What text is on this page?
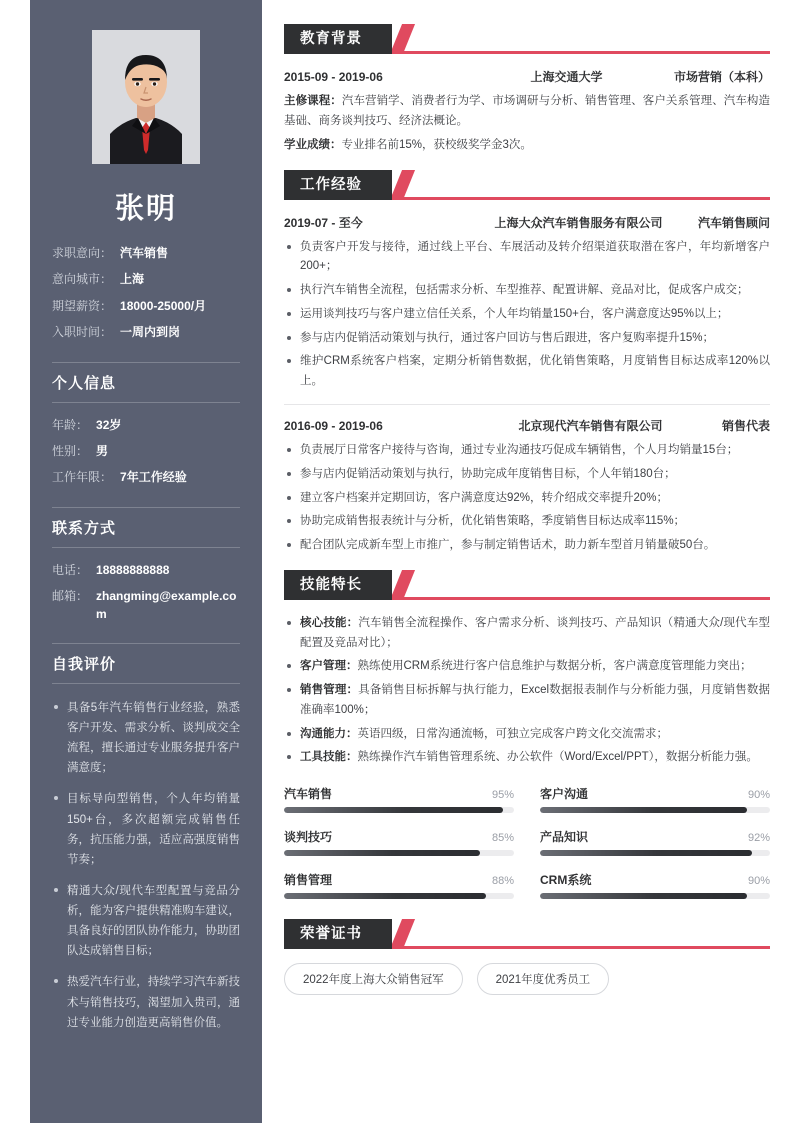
张明
求职意向： 汽车销售
意向城市： 上海
期望薪资： 18000-25000/月
入职时间： 一周内到岗
个人信息
年龄： 32岁
性别： 男
工作年限： 7年工作经验
联系方式
电话： 18888888888
邮箱： zhangming@example.com
自我评价
具备5年汽车销售行业经验，熟悉客户开发、需求分析、谈判成交全流程，擅长通过专业服务提升客户满意度；
目标导向型销售，个人年均销量150+台，多次超额完成销售任务，抗压能力强，适应高强度销售节奏；
精通大众/现代车型配置与竞品分析，能为客户提供精准购车建议，具备良好的团队协作能力，协助团队达成销售目标；
热爱汽车行业，持续学习汽车新技术与销售技巧，渴望加入贵司，通过专业能力创造更高销售价值。
教育背景
2015-09 - 2019-06	上海交通大学	市场营销（本科）

主修课程：汽车营销学、消费者行为学、市场调研与分析、销售管理、客户关系管理、汽车构造基础、商务谈判技巧、经济法概论。

学业成绩：专业排名前15%，获校级奖学金3次。

工作经验
2019-07 - 至今	上海大众汽车销售服务有限公司	汽车销售顾问
负责客户开发与接待，通过线上平台、车展活动及转介绍渠道获取潜在客户，年均新增客户200+；
执行汽车销售全流程，包括需求分析、车型推荐、配置讲解、竞品对比，促成客户成交；
运用谈判技巧与客户建立信任关系，个人年均销量150+台，客户满意度达95%以上；
参与店内促销活动策划与执行，通过客户回访与售后跟进，客户复购率提升15%；
维护CRM系统客户档案，定期分析销售数据，优化销售策略，月度销售目标达成率120%以上。
2016-09 - 2019-06	北京现代汽车销售有限公司	销售代表
负责展厅日常客户接待与咨询，通过专业沟通技巧促成车辆销售，个人月均销量15台；
参与店内促销活动策划与执行，协助完成年度销售目标，个人年销180台；
建立客户档案并定期回访，客户满意度达92%，转介绍成交率提升20%；
协助完成销售报表统计与分析，优化销售策略，季度销售目标达成率115%；
配合团队完成新车型上市推广，参与制定销售话术，助力新车型首月销量破50台。
技能特长
核心技能：汽车销售全流程操作、客户需求分析、谈判技巧、产品知识（精通大众/现代车型配置及竞品对比）；
客户管理：熟练使用CRM系统进行客户信息维护与数据分析，客户满意度管理能力突出；
销售管理：具备销售目标拆解与执行能力，Excel数据报表制作与分析能力强，月度销售数据准确率100%；
沟通能力：英语四级，日常沟通流畅，可独立完成客户跨文化交流需求；
工具技能：熟练操作汽车销售管理系统、办公软件（Word/Excel/PPT），数据分析能力强。
汽车销售	95% 客户沟通	90%
谈判技巧	85% 产品知识	92%
销售管理	88% CRM系统	90%
荣誉证书
2022年度上海大众销售冠军	2021年度优秀员工
